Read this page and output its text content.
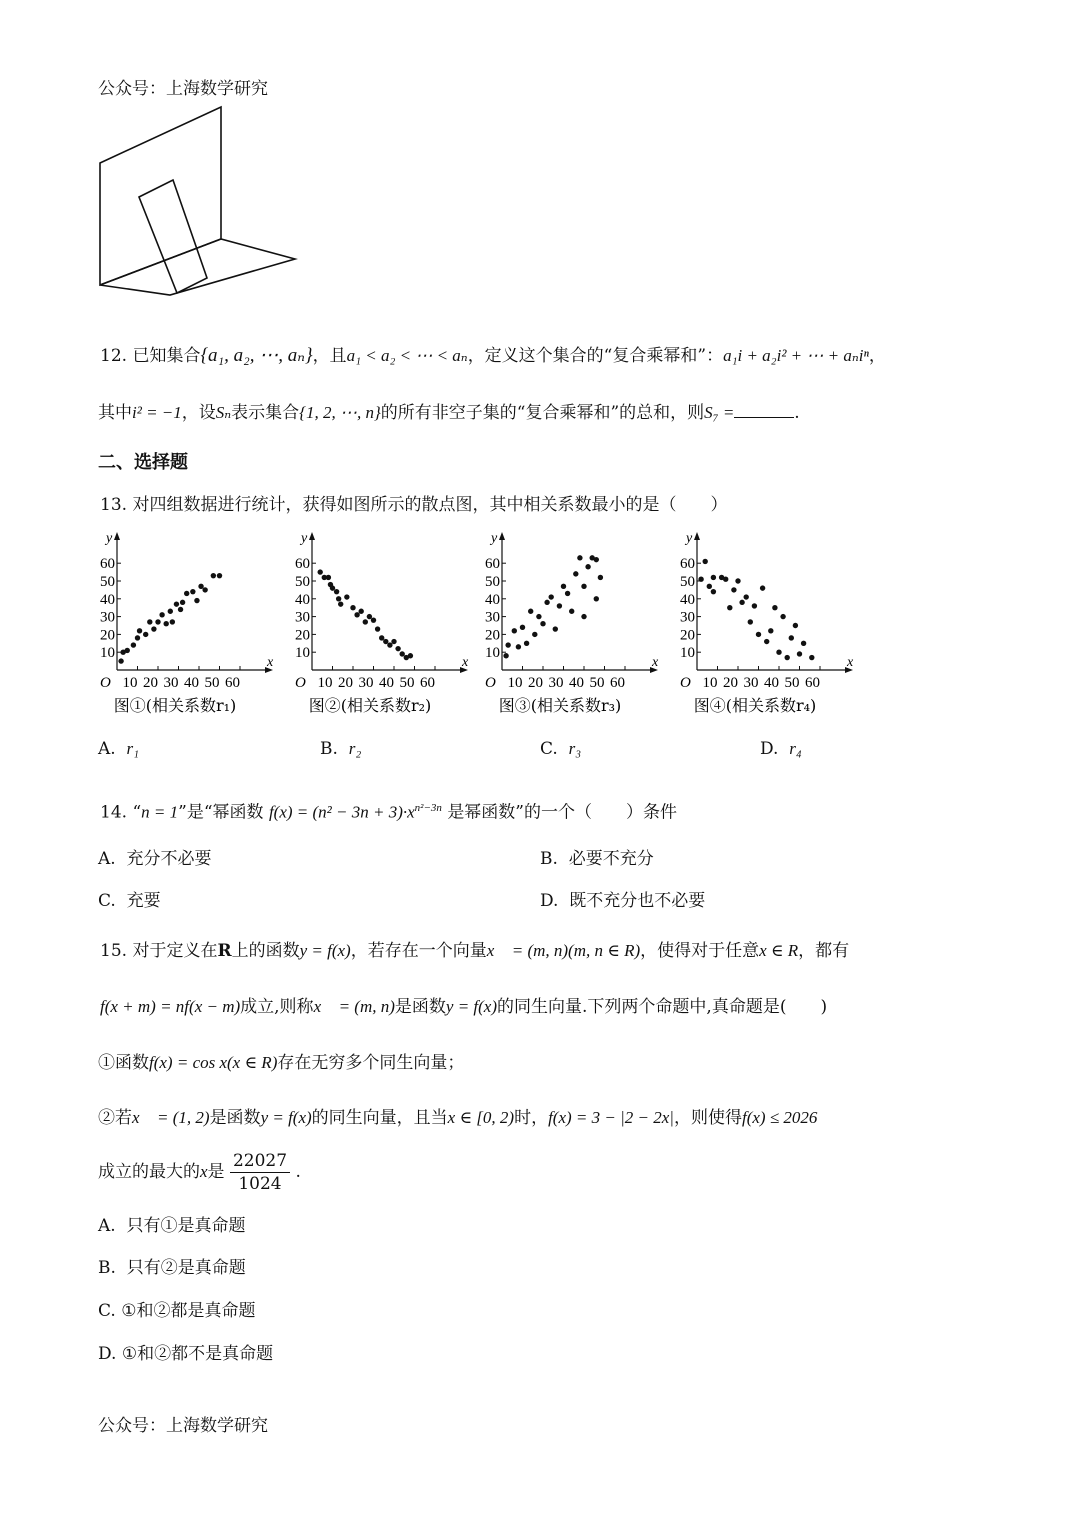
公众号：上海数学研究
12. 已知集合{a₁, a₂, ⋯, aₙ}，且a₁ < a₂ < ⋯ < aₙ，定义这个集合的“复合乘幂和”：a₁i + a₂i² + ⋯ + aₙiⁿ，
其中i² = −1，设Sₙ表示集合{1, 2, ⋯, n}的所有非空子集的“复合乘幂和”的总和，则S₇ =	.
二、选择题
13. 对四组数据进行统计，获得如图所示的散点图，其中相关系数最小的是（　　）
x
y
O
10
20
30
40
50
60
10 20 30 40 50 60
图①(相关系数r₁)
x
y
O
10
20
30
40
50
60
10 20 30 40 50 60
图②(相关系数r₂)
x
y
O
10
20
30
40
50
60
10 20 30 40 50 60
图③(相关系数r₃)
x
y
O
10
20
30
40
50
60
10 20 30 40 50 60
图④(相关系数r₄)
A. r₁	B. r₂	C. r₃	D. r₄
14. “n = 1”是“幂函数 $f(x) = (n^2 - 3n + 3)\cdot x^{n^2-3n}$ 是幂函数”的一个（　　）条件
A. 充分不必要	B. 必要不充分
C. 充要	D. 既不充分也不必要
15. 对于定义在R上的函数y = f(x)，若存在一个向量x⃗ = (m, n)(m, n ∈ R)，使得对于任意x ∈ R，都有
f(x + m) = nf(x − m)成立,则称x⃗ = (m, n)是函数y = f(x)的同生向量.下列两个命题中,真命题是(　　)
①函数f(x) = cos x(x ∈ R)存在无穷多个同生向量；
②若x⃗ = (1, 2)是函数y = f(x)的同生向量，且当x ∈ [0, 2)时，f(x) = 3 − |2 − 2x|，则使得f(x) ≤ 2026
成立的最大的x是 $\frac{22027}{1024}$ .
A. 只有①是真命题
B. 只有②是真命题
C. ①和②都是真命题
D. ①和②都不是真命题
公众号：上海数学研究
